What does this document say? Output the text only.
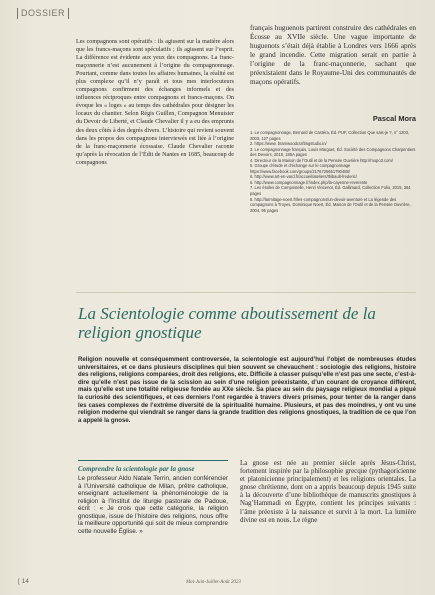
DOSSIER

Les compagnons sont opératifs : ils agissent sur la matière alors que les francs-maçons sont spéculatifs ; ils agissent sur l’esprit. La différence est évidente aux yeux des compagnons. La franc-maçonnerie n’est aucunement à l’origine du compagnonnage. Pourtant, comme dans toutes les affaires humaines, la réalité est plus complexe qu’il n’y paraît et tous mes interlocuteurs compagnons confirment des échanges informels et des influences réciproques entre compagnons et francs-maçons. On évoque les « loges » au temps des cathédrales pour désigner les locaux du chantier. Selon Régis Guillen, Compagnon Menuisier du Devoir de Liberté, et Claude Chevalier il y a eu des emprunts des deux côtés à des degrés divers. L’histoire qui revient souvent dans les propos des compagnons interviewés est liée à l’origine de la franc-maçonnerie écossaise. Claude Chevalier raconte qu’après la révocation de l’Édit de Nantes en 1685, beaucoup de compagnons

français huguenots partirent construire des cathédrales en Écosse au XVIIe siècle. Une vague importante de huguenots s’était déjà établie à Londres vers 1666 après le grand incendie. Cette migration serait en partie à l’origine de la franc-maçonnerie, sachant que préexistaient dans le Royaume-Uni des communautés de maçons opératifs.

Pascal Mora
1. Le compagnonnage, Bernard de Castéra, Éd. PUF, Collection Que sais-je ?, n° 1203, 2003, 127 pages
2. https://www. bramwoodcraftingstudio.in/
3. Le compagnonnage français, Louis Marguet, Éd. Société des Compagnons Charpentiers des Devoirs, 2019, 185A pages
4. Directeur de la Maison de l’Outil et de la Pensée Ouvrière http://mopo3.com/
5. Groupe d’étude et d’échange sur le compagnonnage https://www.facebook.com/groups/2176725651790488/
6. http://www.art-en-vard.fr/accueil/ateliers/thibault-frederic/
6. http://www.compagnonnage.fr/index.php/la-cayenne-reverente
7. Les étoiles de Compostelle, Henri Vincenot, Éd. Gallimard, Collection Folio, 2015, 364 pages
8. http://larmitage-noert.fr/les-compagnons/un-devoir-aventure et La légende des compagnons à Troyes, Dominique Noert, Éd. Maison de l’Outil et de la Pensée Ouvrière, 2004, 95 pages
La Scientologie comme aboutissement de la religion gnostique
Religion nouvelle et conséquemment controversée, la scientologie est aujourd’hui l’objet de nombreuses études universitaires, et ce dans plusieurs disciplines qui bien souvent se chevauchent : sociologie des religions, histoire des religions, religions comparées, droit des religions, etc. Difficile à classer puisqu’elle n’est pas une secte, c’est-à-dire qu’elle n’est pas issue de la scission au sein d’une religion préexistante, d’un courant de croyance différent, mais qu’elle est une totalité religieuse fondée au XXe siècle. Sa place au sein du paysage religieux mondial a piqué la curiosité des scientifiques, et ces derniers l’ont regardée à travers divers prismes, pour tenter de la ranger dans les cases complexes de l’extrême diversité de la spiritualité humaine. Plusieurs, et pas des moindres, y ont vu une religion moderne qui viendrait se ranger dans la grande tradition des religions gnostiques, la tradition de ce que l’on a appelé la gnose.
Comprendre la scientologie par la gnose
Le professeur Aldo Natale Terrin, ancien conférencier à l’Université catholique de Milan, prêtre catholique, enseignant actuellement la phénoménologie de la religion à l’Institut de liturgie pastorale de Padoue, écrit : « Je crois que cette catégorie, la religion gnostique, issue de l’histoire des religions, nous offre la meilleure opportunité qui soit de mieux comprendre cette nouvelle Église. »
La gnose est née au premier siècle après Jésus-Christ, fortement inspirée par la philosophie grecque (pythagoricienne et platonicienne principalement) et les religions orientales. La gnose chrétienne, dont on a appris beaucoup depuis 1945 suite à la découverte d’une bibliothèque de manuscrits gnostiques à Nag’Hammadi en Égypte, contient les principes suivants : l’âme préexiste à la naissance et survit à la mort. La lumière divine est en nous. Le règne
[ 14	Mai-Juin-Juillet-Août 2023
